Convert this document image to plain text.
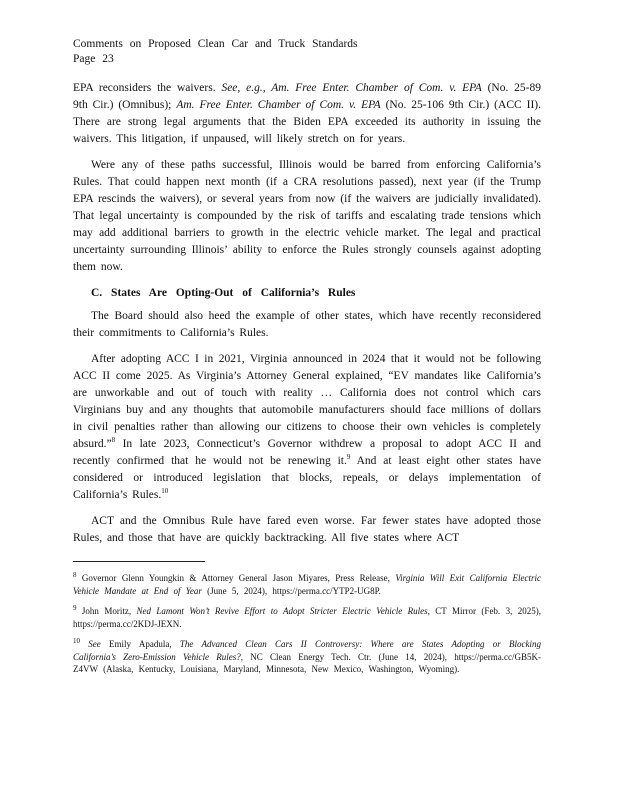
Comments on Proposed Clean Car and Truck Standards
Page 23

EPA reconsiders the waivers. See, e.g., Am. Free Enter. Chamber of Com. v. EPA (No. 25-89 9th Cir.) (Omnibus); Am. Free Enter. Chamber of Com. v. EPA (No. 25-106 9th Cir.) (ACC II). There are strong legal arguments that the Biden EPA exceeded its authority in issuing the waivers. This litigation, if unpaused, will likely stretch on for years.

Were any of these paths successful, Illinois would be barred from enforcing California’s Rules. That could happen next month (if a CRA resolutions passed), next year (if the Trump EPA rescinds the waivers), or several years from now (if the waivers are judicially invalidated). That legal uncertainty is compounded by the risk of tariffs and escalating trade tensions which may add additional barriers to growth in the electric vehicle market. The legal and practical uncertainty surrounding Illinois’ ability to enforce the Rules strongly counsels against adopting them now.

C. States Are Opting-Out of California’s Rules

The Board should also heed the example of other states, which have recently reconsidered their commitments to California’s Rules.

After adopting ACC I in 2021, Virginia announced in 2024 that it would not be following ACC II come 2025. As Virginia’s Attorney General explained, “EV mandates like California’s are unworkable and out of touch with reality … California does not control which cars Virginians buy and any thoughts that automobile manufacturers should face millions of dollars in civil penalties rather than allowing our citizens to choose their own vehicles is completely absurd.”$^8$ In late 2023, Connecticut’s Governor withdrew a proposal to adopt ACC II and recently confirmed that he would not be renewing it.$^9$ And at least eight other states have considered or introduced legislation that blocks, repeals, or delays implementation of California’s Rules.$^{10}$

ACT and the Omnibus Rule have fared even worse. Far fewer states have adopted those Rules, and those that have are quickly backtracking. All five states where ACT

$^8$ Governor Glenn Youngkin & Attorney General Jason Miyares, Press Release, Virginia Will Exit California Electric Vehicle Mandate at End of Year (June 5, 2024), https://perma.cc/YTP2-UG8P.

$^9$ John Moritz, Ned Lamont Won’t Revive Effort to Adopt Stricter Electric Vehicle Rules, CT Mirror (Feb. 3, 2025), https://perma.cc/2KDJ-JEXN.

$^{10}$ See Emily Apadula, The Advanced Clean Cars II Controversy: Where are States Adopting or Blocking California’s Zero-Emission Vehicle Rules?, NC Clean Energy Tech. Ctr. (June 14, 2024), https://perma.cc/GB5K-Z4VW (Alaska, Kentucky, Louisiana, Maryland, Minnesota, New Mexico, Washington, Wyoming).
